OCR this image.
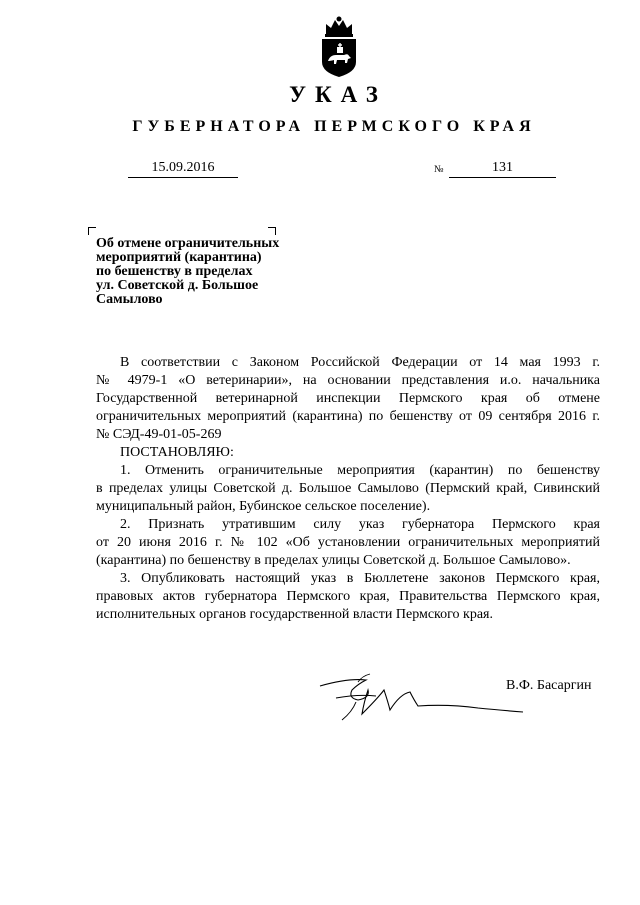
УКАЗ
ГУБЕРНАТОРА ПЕРМСКОГО КРАЯ
15.09.2016	№	131
Об отмене ограничительных
мероприятий (карантина)
по бешенству в пределах
ул. Советской д. Большое
Самылово
В соответствии с Законом Российской Федерации от 14 мая 1993 г.
№ 4979-1 «О ветеринарии», на основании представления и.о. начальника
Государственной ветеринарной инспекции Пермского края об отмене
ограничительных мероприятий (карантина) по бешенству от 09 сентября 2016 г.
№ СЭД-49-01-05-269
ПОСТАНОВЛЯЮ:
1. Отменить ограничительные мероприятия (карантин) по бешенству
в пределах улицы Советской д. Большое Самылово (Пермский край, Сивинский
муниципальный район, Бубинское сельское поселение).
2. Признать утратившим силу указ губернатора Пермского края
от 20 июня 2016 г. № 102 «Об установлении ограничительных мероприятий
(карантина) по бешенству в пределах улицы Советской д. Большое Самылово».
3. Опубликовать настоящий указ в Бюллетене законов Пермского края,
правовых актов губернатора Пермского края, Правительства Пермского края,
исполнительных органов государственной власти Пермского края.
В.Ф. Басаргин
